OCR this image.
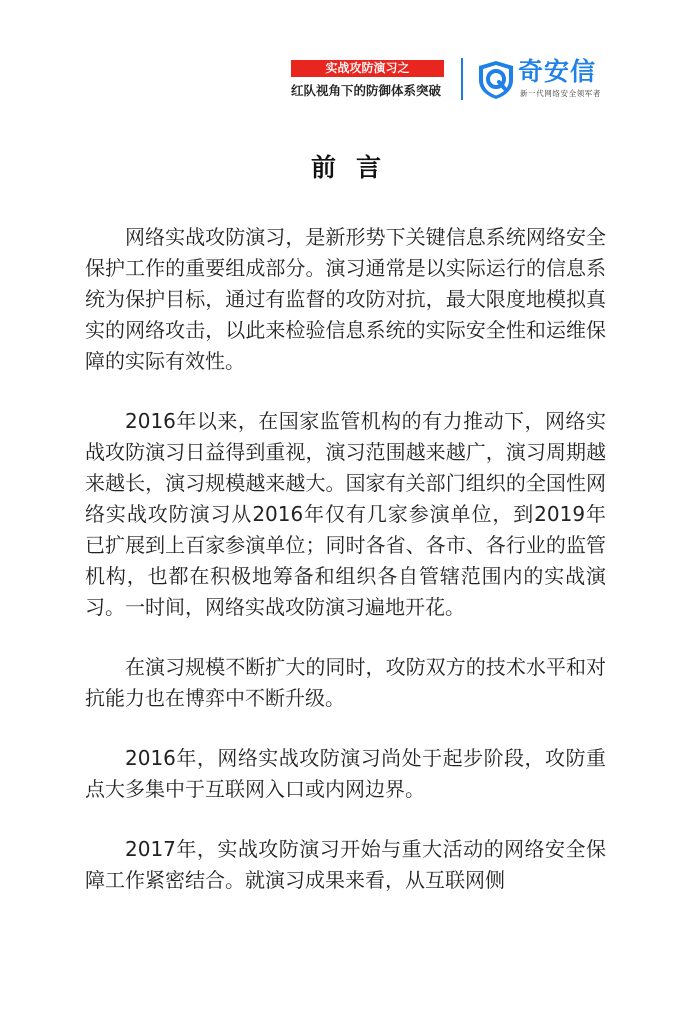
实战攻防演习之
红队视角下的防御体系突破
奇安信
新一代网络安全领军者
前言

网络实战攻防演习，是新形势下关键信息系统网络安全保护工作的重要组成部分。演习通常是以实际运行的信息系统为保护目标，通过有监督的攻防对抗，最大限度地模拟真实的网络攻击，以此来检验信息系统的实际安全性和运维保障的实际有效性。

2016年以来，在国家监管机构的有力推动下，网络实战攻防演习日益得到重视，演习范围越来越广，演习周期越来越长，演习规模越来越大。国家有关部门组织的全国性网络实战攻防演习从2016年仅有几家参演单位，到2019年已扩展到上百家参演单位；同时各省、各市、各行业的监管机构，也都在积极地筹备和组织各自管辖范围内的实战演习。一时间，网络实战攻防演习遍地开花。

在演习规模不断扩大的同时，攻防双方的技术水平和对抗能力也在博弈中不断升级。

2016年，网络实战攻防演习尚处于起步阶段，攻防重点大多集中于互联网入口或内网边界。

2017年，实战攻防演习开始与重大活动的网络安全保障工作紧密结合。就演习成果来看，从互联网侧
